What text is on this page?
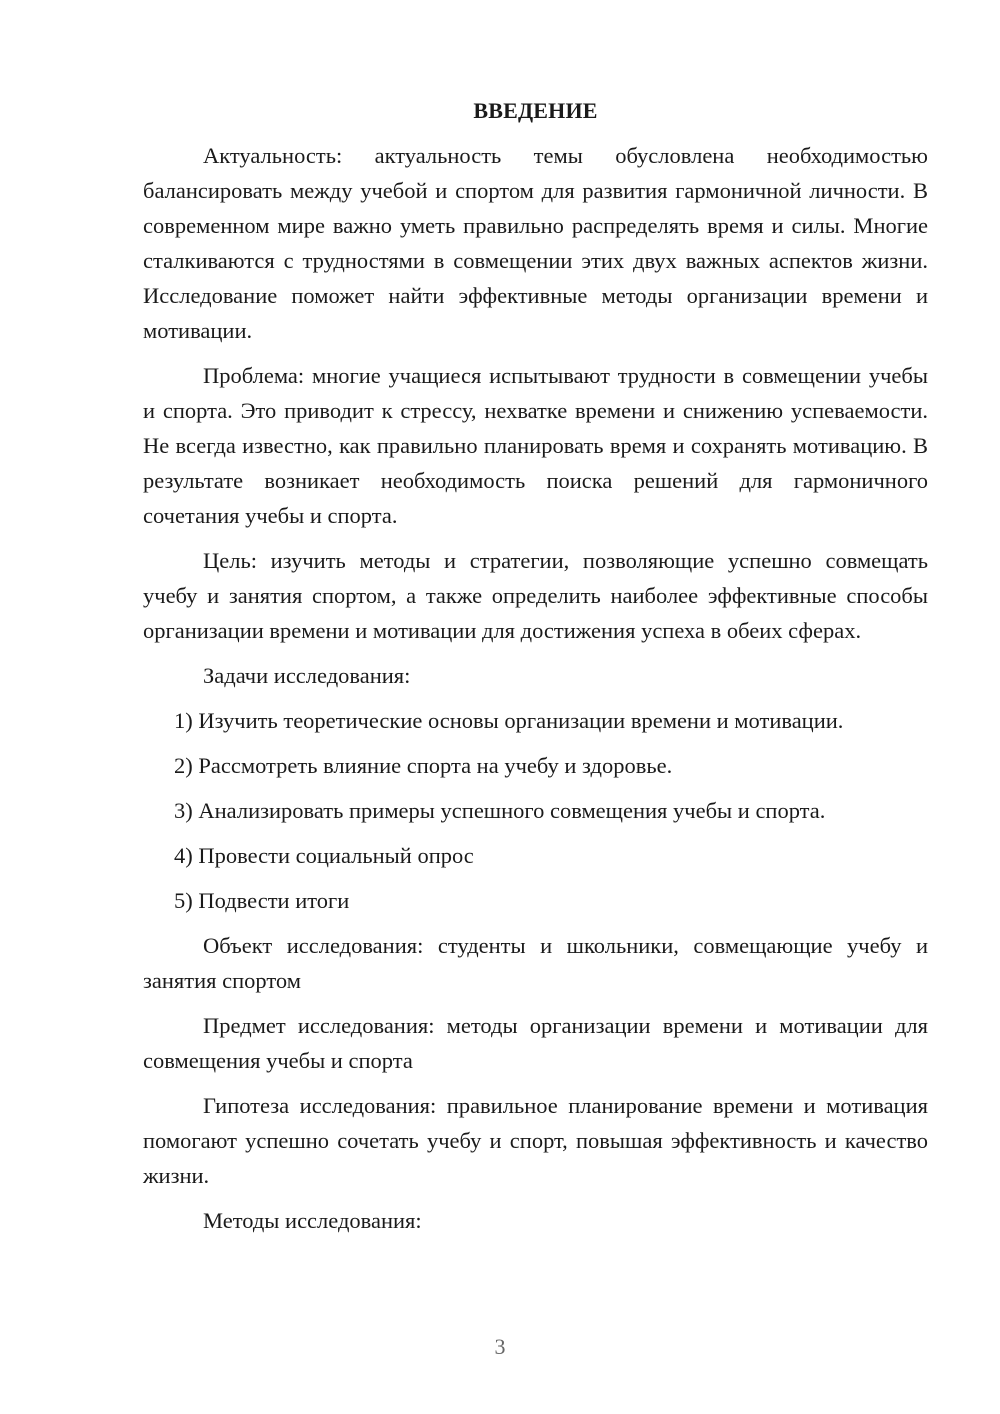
ВВЕДЕНИЕ

Актуальность: актуальность темы обусловлена необходимостью балансировать между учебой и спортом для развития гармоничной личности. В современном мире важно уметь правильно распределять время и силы. Многие сталкиваются с трудностями в совмещении этих двух важных аспектов жизни. Исследование поможет найти эффективные методы организации времени и мотивации.

Проблема: многие учащиеся испытывают трудности в совмещении учебы и спорта. Это приводит к стрессу, нехватке времени и снижению успеваемости. Не всегда известно, как правильно планировать время и сохранять мотивацию. В результате возникает необходимость поиска решений для гармоничного сочетания учебы и спорта.

Цель: изучить методы и стратегии, позволяющие успешно совмещать учебу и занятия спортом, а также определить наиболее эффективные способы организации времени и мотивации для достижения успеха в обеих сферах.

Задачи исследования:

1) Изучить теоретические основы организации времени и мотивации.
2) Рассмотреть влияние спорта на учебу и здоровье.
3) Анализировать примеры успешного совмещения учебы и спорта.
4) Провести социальный опрос
5) Подвести итоги

Объект исследования: студенты и школьники, совмещающие учебу и занятия спортом

Предмет исследования: методы организации времени и мотивации для совмещения учебы и спорта

Гипотеза исследования: правильное планирование времени и мотивация помогают успешно сочетать учебу и спорт, повышая эффективность и качество жизни.

Методы исследования:

3
